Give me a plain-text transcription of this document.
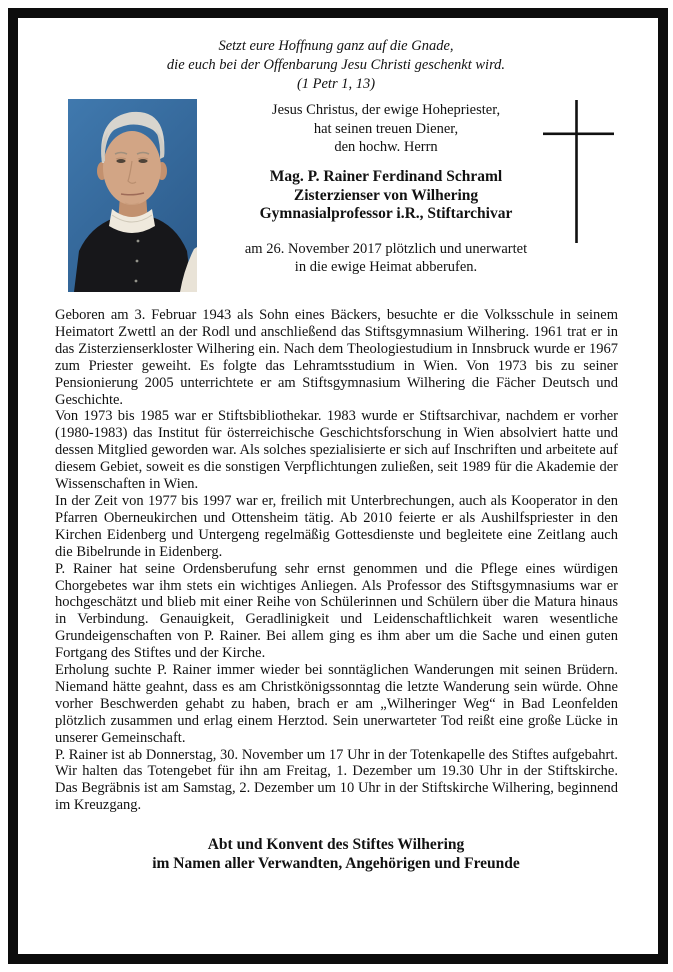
Setzt eure Hoffnung ganz auf die Gnade,
die euch bei der Offenbarung Jesu Christi geschenkt wird.
(1 Petr 1, 13)
Jesus Christus, der ewige Hohepriester,
hat seinen treuen Diener,
den hochw. Herrn
Mag. P. Rainer Ferdinand Schraml
Zisterzienser von Wilhering
Gymnasialprofessor i.R., Stiftarchivar
am 26. November 2017 plötzlich und unerwartet
in die ewige Heimat abberufen.

Geboren am 3. Februar 1943 als Sohn eines Bäckers, besuchte er die Volksschule in seinem Heimatort Zwettl an der Rodl und anschließend das Stiftsgymnasium Wilhering. 1961 trat er in das Zisterzienserkloster Wilhering ein. Nach dem Theologiestudium in Innsbruck wurde er 1967 zum Priester geweiht. Es folgte das Lehramtsstudium in Wien. Von 1973 bis zu seiner Pensionierung 2005 unterrichtete er am Stiftsgymnasium Wilhering die Fächer Deutsch und Geschichte.

Von 1973 bis 1985 war er Stiftsbibliothekar. 1983 wurde er Stiftsarchivar, nachdem er vorher (1980-1983) das Institut für österreichische Geschichtsforschung in Wien absolviert hatte und dessen Mitglied geworden war. Als solches spezialisierte er sich auf Inschriften und arbeitete auf diesem Gebiet, soweit es die sonstigen Verpflichtungen zuließen, seit 1989 für die Akademie der Wissenschaften in Wien.

In der Zeit von 1977 bis 1997 war er, freilich mit Unterbrechungen, auch als Kooperator in den Pfarren Oberneukirchen und Ottensheim tätig. Ab 2010 feierte er als Aushilfspriester in den Kirchen Eidenberg und Untergeng regelmäßig Gottesdienste und begleitete eine Zeitlang auch die Bibelrunde in Eidenberg.

P. Rainer hat seine Ordensberufung sehr ernst genommen und die Pflege eines würdigen Chorgebetes war ihm stets ein wichtiges Anliegen. Als Professor des Stiftsgymnasiums war er hochgeschätzt und blieb mit einer Reihe von Schülerinnen und Schülern über die Matura hinaus in Verbindung. Genauigkeit, Geradlinigkeit und Leidenschaftlichkeit waren wesentliche Grundeigenschaften von P. Rainer. Bei allem ging es ihm aber um die Sache und einen guten Fortgang des Stiftes und der Kirche.

Erholung suchte P. Rainer immer wieder bei sonntäglichen Wanderungen mit seinen Brüdern. Niemand hätte geahnt, dass es am Christkönigssonntag die letzte Wanderung sein würde. Ohne vorher Beschwerden gehabt zu haben, brach er am „Wilheringer Weg“ in Bad Leonfelden plötzlich zusammen und erlag einem Herztod. Sein unerwarteter Tod reißt eine große Lücke in unserer Gemeinschaft.

P. Rainer ist ab Donnerstag, 30. November um 17 Uhr in der Totenkapelle des Stiftes aufgebahrt. Wir halten das Totengebet für ihn am Freitag, 1. Dezember um 19.30 Uhr in der Stiftskirche. Das Begräbnis ist am Samstag, 2. Dezember um 10 Uhr in der Stiftskirche Wilhering, beginnend im Kreuzgang.

Abt und Konvent des Stiftes Wilhering
im Namen aller Verwandten, Angehörigen und Freunde
